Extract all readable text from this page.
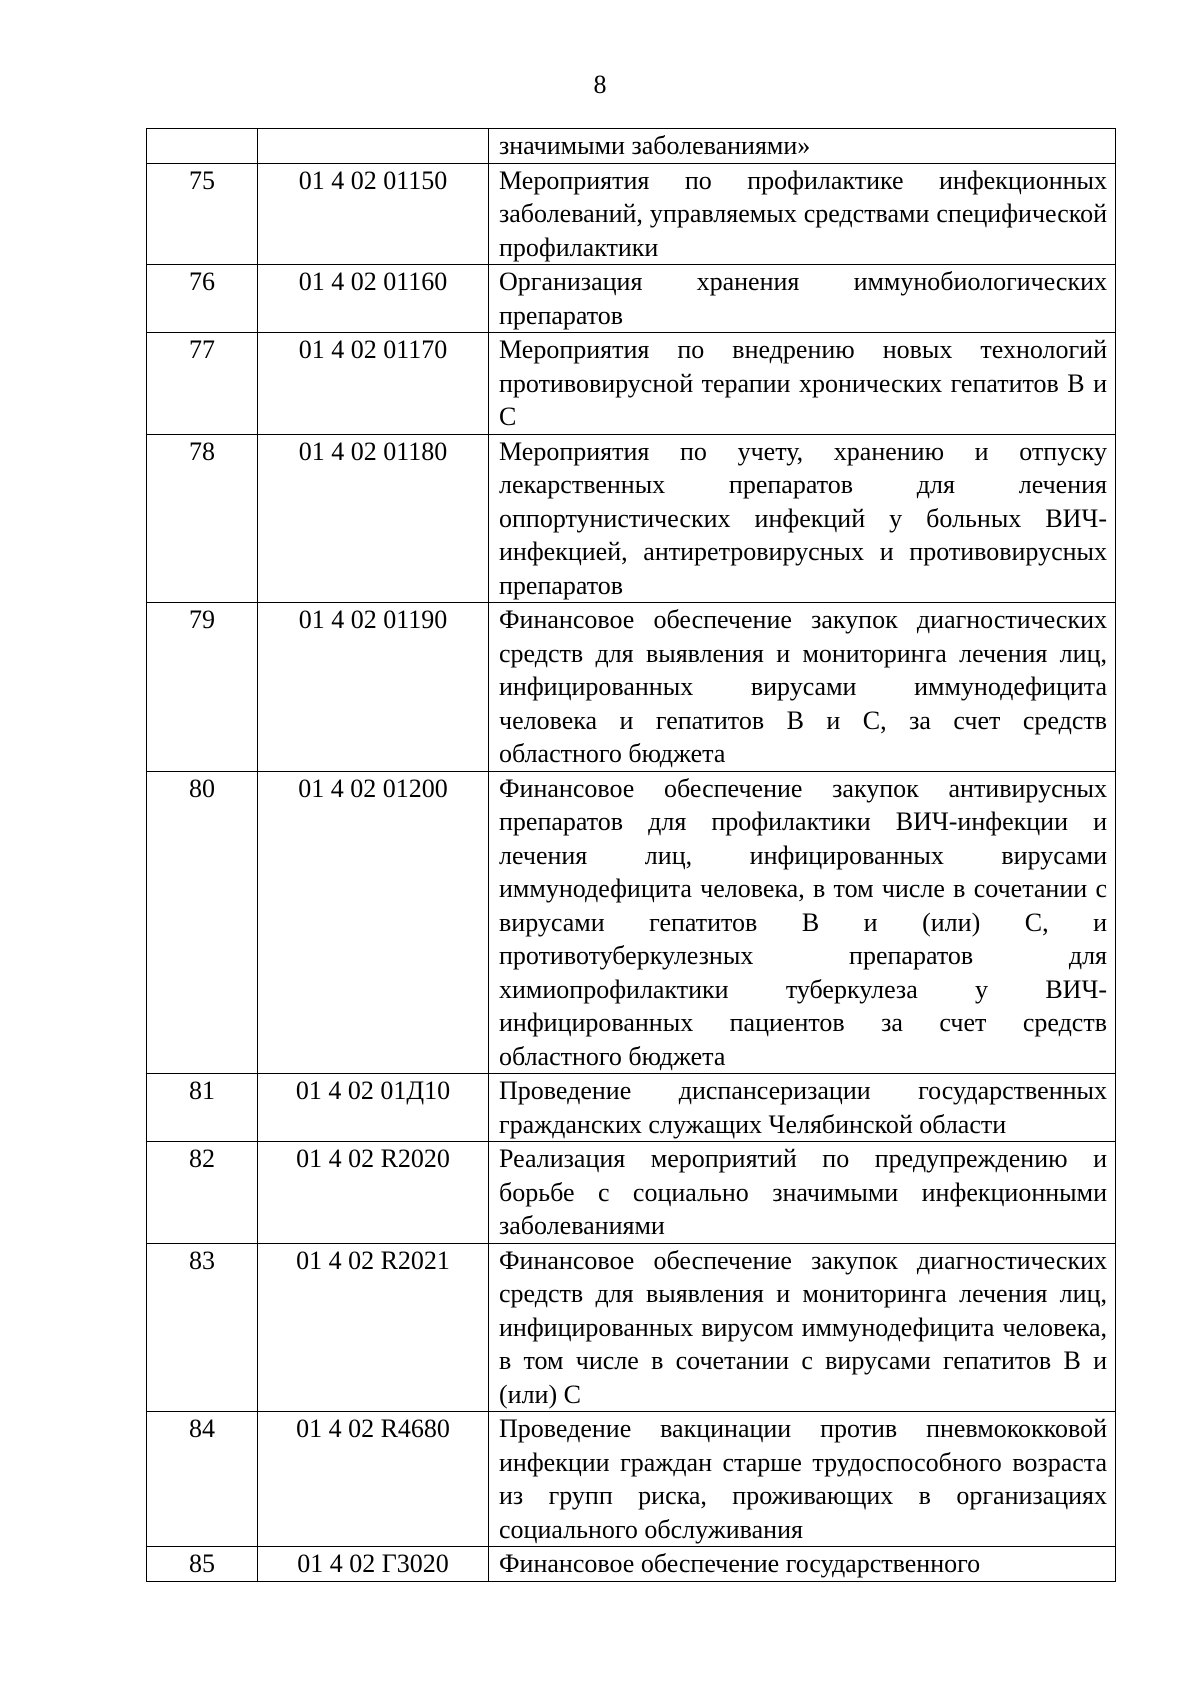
8
		значимыми заболеваниями»
75	01 4 02 01150	Мероприятия по профилактике инфекционных заболеваний, управляемых средствами специфической профилактики
76	01 4 02 01160	Организация хранения иммунобиологических препаратов
77	01 4 02 01170	Мероприятия по внедрению новых технологий противовирусной терапии хронических гепатитов В и С
78	01 4 02 01180	Мероприятия по учету, хранению и отпуску лекарственных препаратов для лечения оппортунистических инфекций у больных ВИЧ-инфекцией, антиретровирусных и противовирусных препаратов
79	01 4 02 01190	Финансовое обеспечение закупок диагностических средств для выявления и мониторинга лечения лиц, инфицированных вирусами иммунодефицита человека и гепатитов В и С, за счет средств областного бюджета
80	01 4 02 01200	Финансовое обеспечение закупок антивирусных препаратов для профилактики ВИЧ-инфекции и лечения лиц, инфицированных вирусами иммунодефицита человека, в том числе в сочетании с вирусами гепатитов В и (или) С, и противотуберкулезных препаратов для химиопрофилактики туберкулеза у ВИЧ-инфицированных пациентов за счет средств областного бюджета
81	01 4 02 01Д10	Проведение диспансеризации государственных гражданских служащих Челябинской области
82	01 4 02 R2020	Реализация мероприятий по предупреждению и борьбе с социально значимыми инфекционными заболеваниями
83	01 4 02 R2021	Финансовое обеспечение закупок диагностических средств для выявления и мониторинга лечения лиц, инфицированных вирусом иммунодефицита человека, в том числе в сочетании с вирусами гепатитов В и (или) С
84	01 4 02 R4680	Проведение вакцинации против пневмококковой инфекции граждан старше трудоспособного возраста из групп риска, проживающих в организациях социального обслуживания
85	01 4 02 Г3020	Финансовое обеспечение государственного
